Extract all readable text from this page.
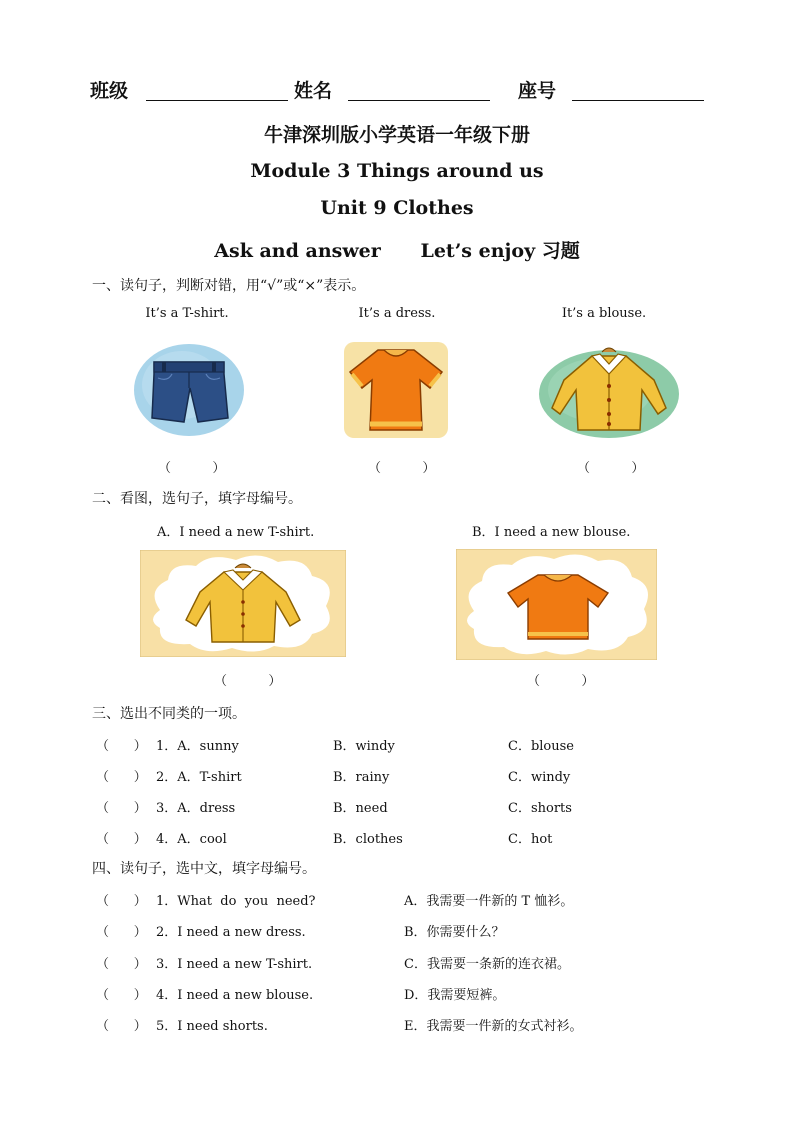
班级	姓名	座号
牛津深圳版小学英语一年级下册
Module 3 Things around us
Unit 9 Clothes
Ask and answer      Let’s enjoy 习题
一、读句子，判断对错，用“√”或“×”表示。
It’s a T-shirt.	It’s a dress.	It’s a blouse.
（          ）	（          ）	（          ）
二、看图，选句子，填字母编号。
A．I need a new T-shirt.	B．I need a new blouse.
（          ）	（          ）
三、选出不同类的一项。
（      ） 1．A．sunny	B．windy	C．blouse
（      ） 2．A．T-shirt	B．rainy	C．windy
（      ） 3．A．dress	B．need	C．shorts
（      ） 4．A．cool	B．clothes	C．hot
四、读句子，选中文，填字母编号。
（      ） 1．What  do  you  need?	A．我需要一件新的 T 恤衫。
（      ） 2．I need a new dress.	B．你需要什么？
（      ） 3．I need a new T-shirt.	C．我需要一条新的连衣裙。
（      ） 4．I need a new blouse.	D．我需要短裤。
（      ） 5．I need shorts.	E．我需要一件新的女式衬衫。
